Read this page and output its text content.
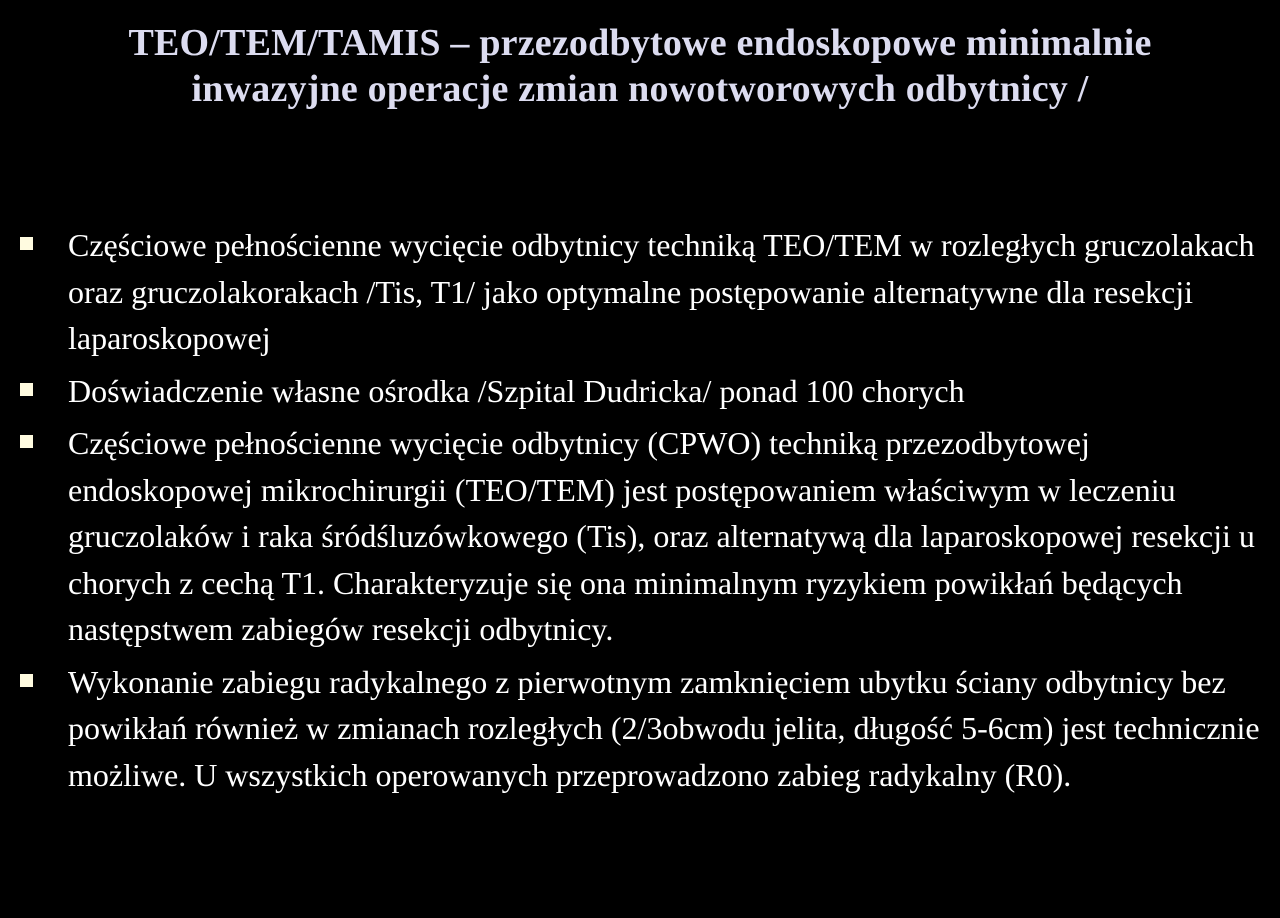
TEO/TEM/TAMIS – przezodbytowe endoskopowe minimalnie inwazyjne operacje zmian nowotworowych odbytnicy /
Częściowe pełnościenne wycięcie odbytnicy techniką TEO/TEM w rozległych gruczolakach oraz gruczolakorakach /Tis, T1/ jako optymalne postępowanie alternatywne dla resekcji laparoskopowej
Doświadczenie własne ośrodka /Szpital Dudricka/ ponad 100 chorych
Częściowe pełnościenne wycięcie odbytnicy (CPWO) techniką przezodbytowej endoskopowej mikrochirurgii (TEO/TEM) jest postępowaniem właściwym w leczeniu gruczolaków i raka śródśluzówkowego (Tis), oraz alternatywą dla laparoskopowej resekcji u chorych z cechą T1. Charakteryzuje się ona minimalnym ryzykiem powikłań będących następstwem zabiegów resekcji odbytnicy.
Wykonanie zabiegu radykalnego z pierwotnym zamknięciem ubytku ściany odbytnicy bez powikłań również w zmianach rozległych (2/3obwodu jelita, długość 5-6cm) jest technicznie możliwe. U wszystkich operowanych przeprowadzono zabieg radykalny (R0).
